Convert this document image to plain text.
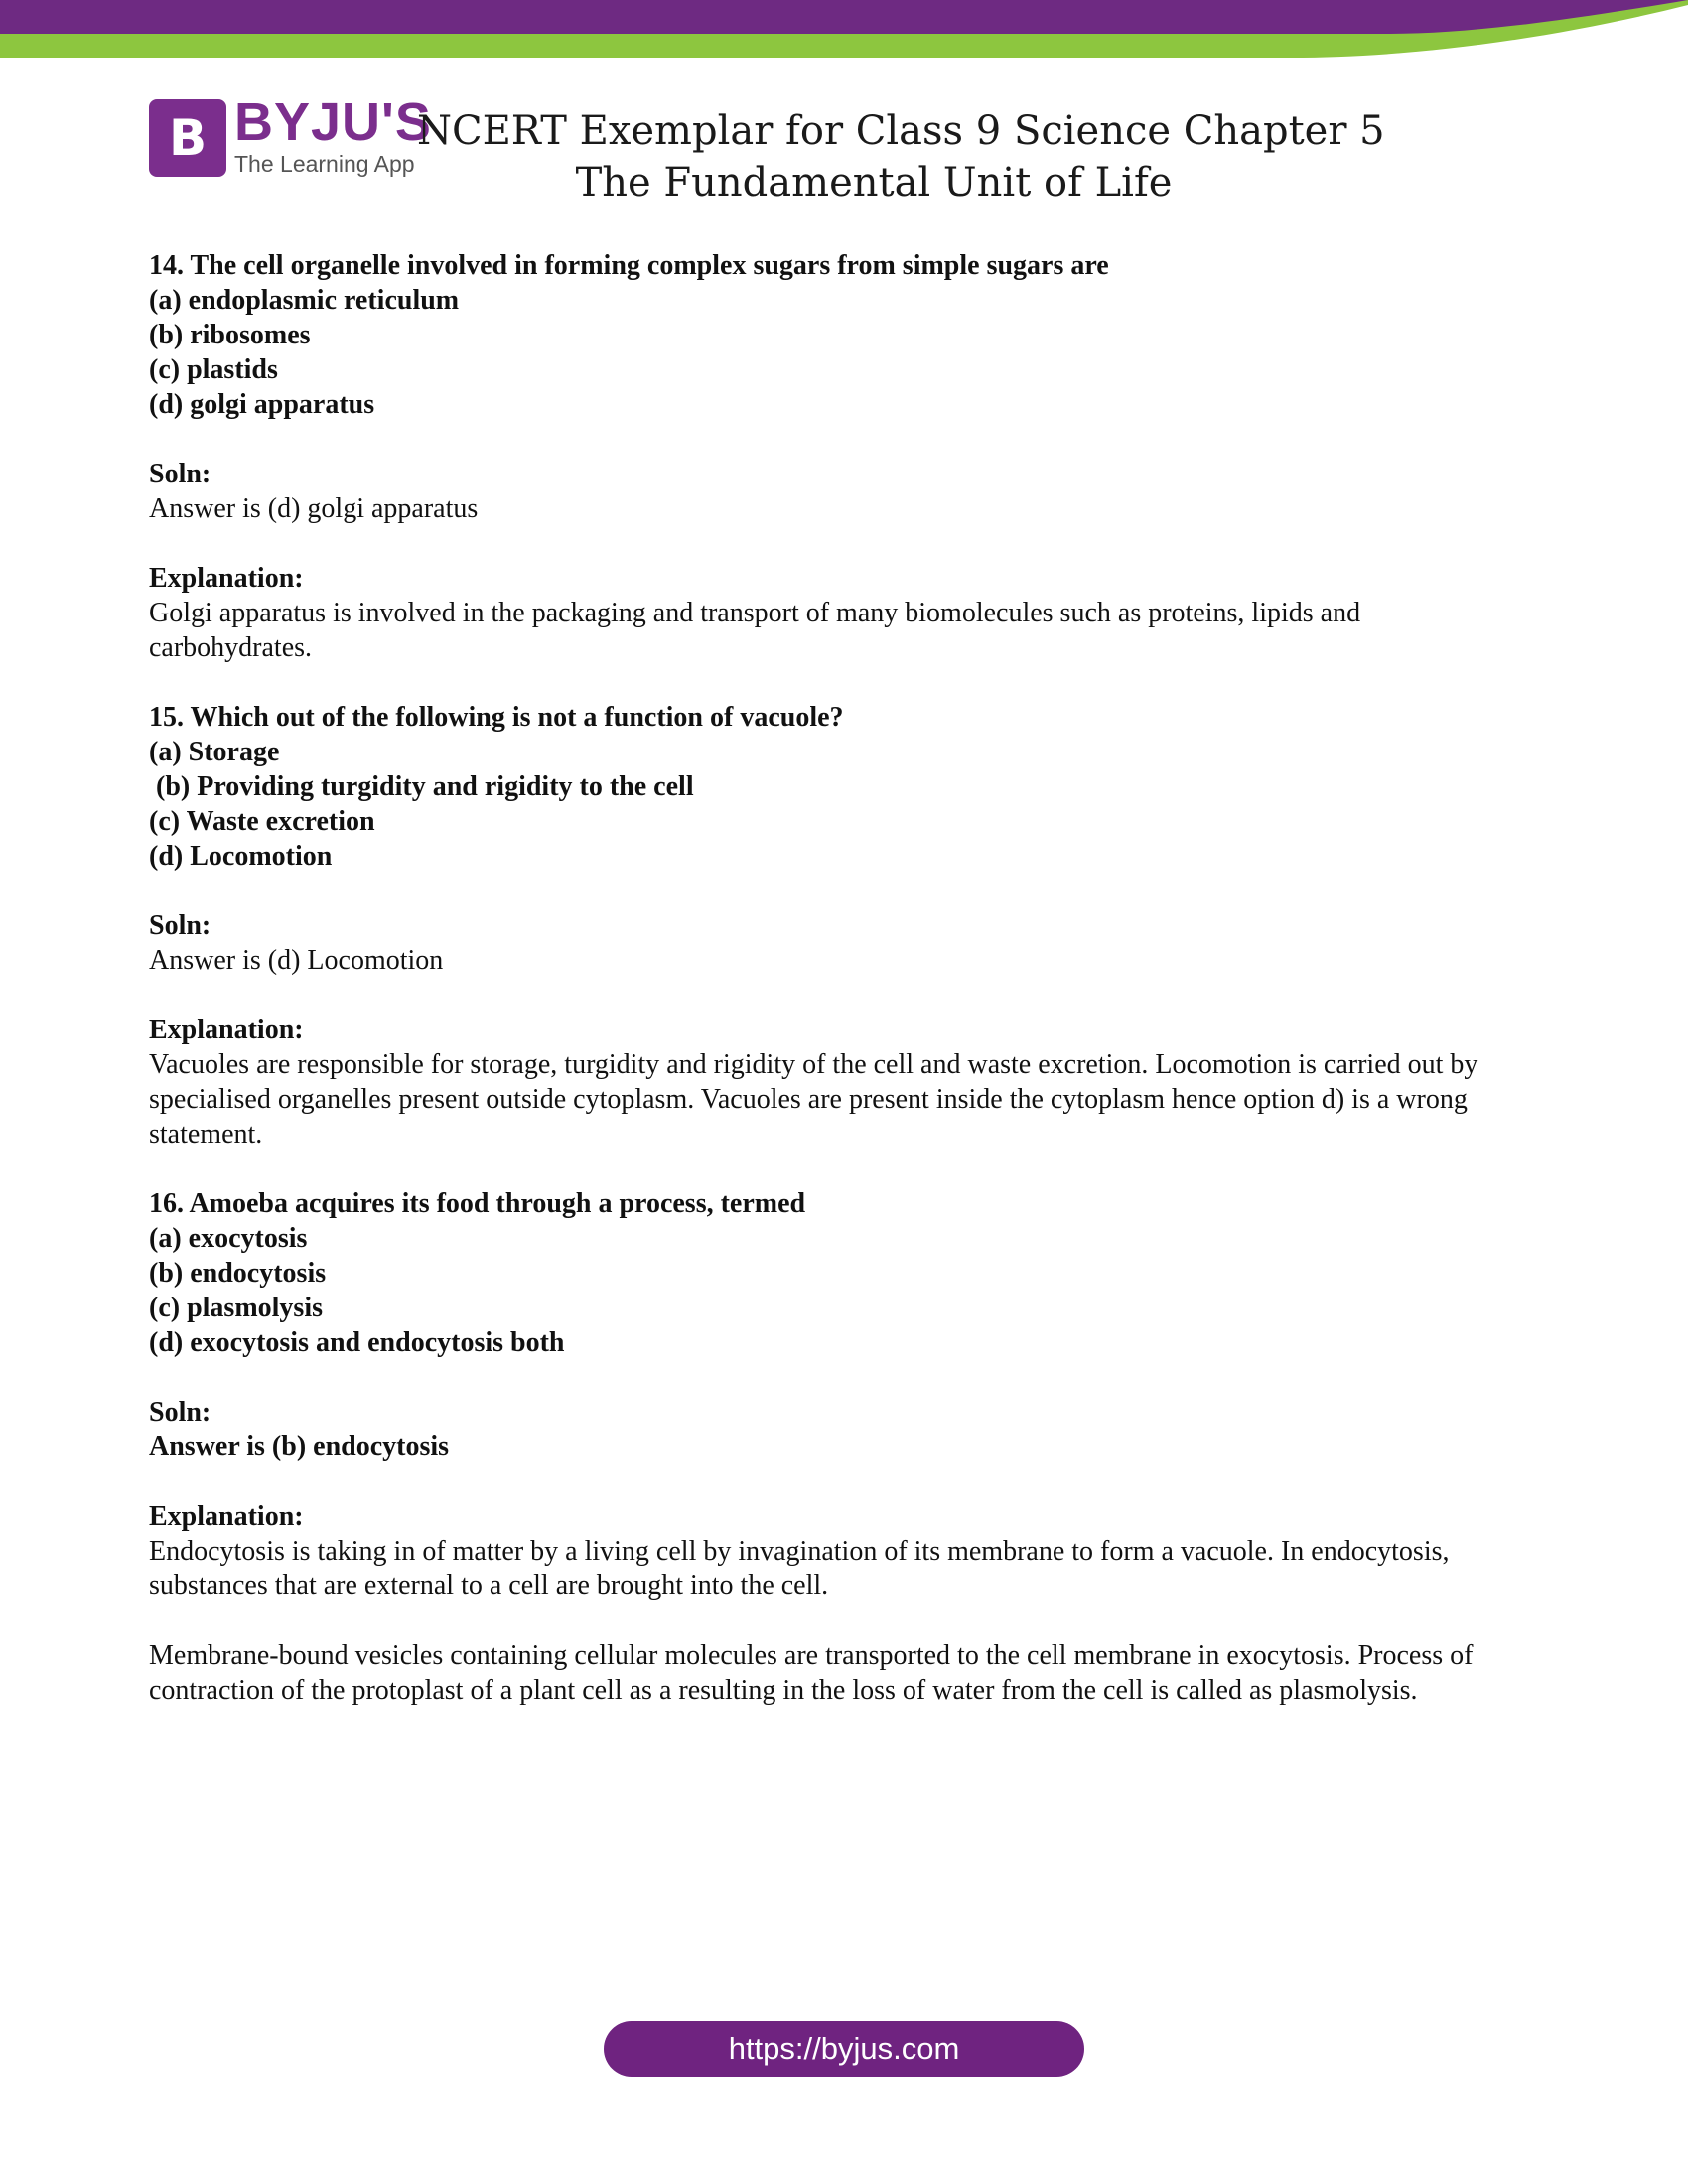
B BYJU'S
The Learning App
NCERT Exemplar for Class 9 Science Chapter 5
The Fundamental Unit of Life
14. The cell organelle involved in forming complex sugars from simple sugars are
(a) endoplasmic reticulum
(b) ribosomes
(c) plastids
(d) golgi apparatus
Soln:
Answer is (d) golgi apparatus
Explanation:
Golgi apparatus is involved in the packaging and transport of many biomolecules such as proteins, lipids and carbohydrates.
15. Which out of the following is not a function of vacuole?
(a) Storage
(b) Providing turgidity and rigidity to the cell
(c) Waste excretion
(d) Locomotion
Soln:
Answer is (d) Locomotion
Explanation:
Vacuoles are responsible for storage, turgidity and rigidity of the cell and waste excretion. Locomotion is carried out by specialised organelles present outside cytoplasm. Vacuoles are present inside the cytoplasm hence option d) is a wrong statement.
16. Amoeba acquires its food through a process, termed
(a) exocytosis
(b) endocytosis
(c) plasmolysis
(d) exocytosis and endocytosis both
Soln:
Answer is (b) endocytosis
Explanation:
Endocytosis is taking in of matter by a living cell by invagination of its membrane to form a vacuole. In endocytosis, substances that are external to a cell are brought into the cell.
Membrane-bound vesicles containing cellular molecules are transported to the cell membrane in exocytosis. Process of contraction of the protoplast of a plant cell as a resulting in the loss of water from the cell is called as plasmolysis.
https://byjus.com
